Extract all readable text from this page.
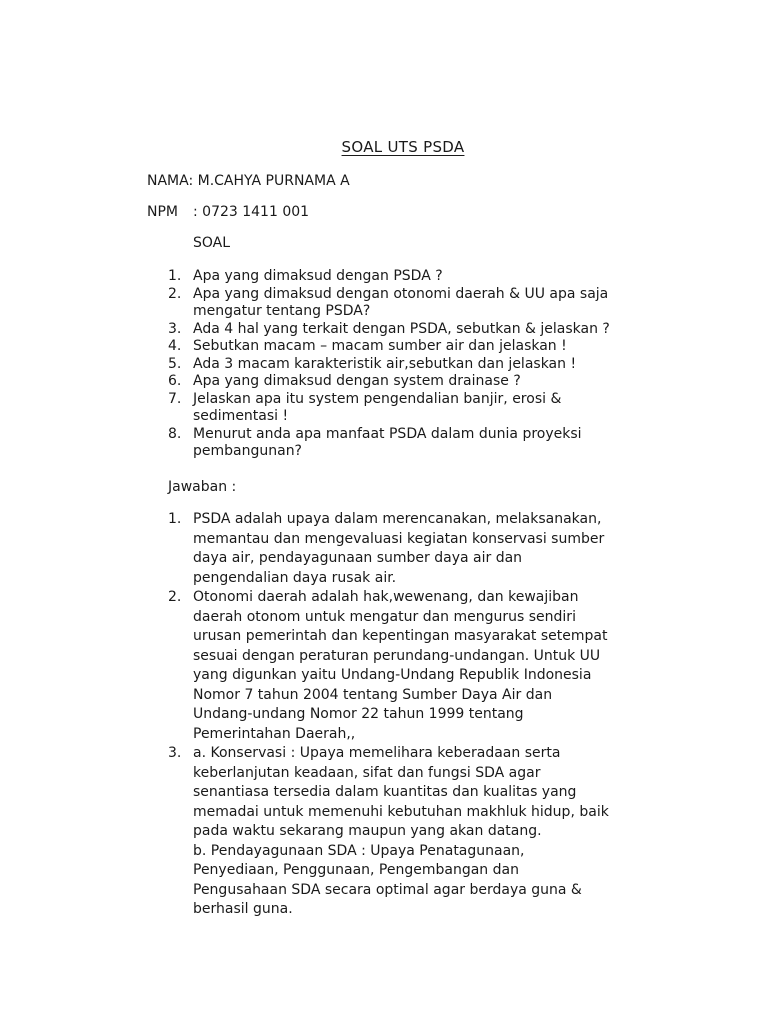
SOAL UTS PSDA
NAMA: M.CAHYA PURNAMA A
NPM : 0723 1411 001
SOAL
1. Apa yang dimaksud dengan PSDA ?
2. Apa yang dimaksud dengan otonomi daerah & UU apa saja
mengatur tentang PSDA?
3. Ada 4 hal yang terkait dengan PSDA, sebutkan & jelaskan ?
4. Sebutkan macam – macam sumber air dan jelaskan !
5. Ada 3 macam karakteristik air,sebutkan dan jelaskan !
6. Apa yang dimaksud dengan system drainase ?
7. Jelaskan apa itu system pengendalian banjir, erosi &
sedimentasi !
8. Menurut anda apa manfaat PSDA dalam dunia proyeksi
pembangunan?
Jawaban :
1. PSDA adalah upaya dalam merencanakan, melaksanakan,
memantau dan mengevaluasi kegiatan konservasi sumber
daya air, pendayagunaan sumber daya air dan
pengendalian daya rusak air.
2. Otonomi daerah adalah hak,wewenang, dan kewajiban
daerah otonom untuk mengatur dan mengurus sendiri
urusan pemerintah dan kepentingan masyarakat setempat
sesuai dengan peraturan perundang-undangan. Untuk UU
yang digunkan yaitu Undang-Undang Republik Indonesia
Nomor 7 tahun 2004 tentang Sumber Daya Air dan
Undang-undang Nomor 22 tahun 1999 tentang
Pemerintahan Daerah,,
3. a. Konservasi : Upaya memelihara keberadaan serta
keberlanjutan keadaan, sifat dan fungsi SDA agar
senantiasa tersedia dalam kuantitas dan kualitas yang
memadai untuk memenuhi kebutuhan makhluk hidup, baik
pada waktu sekarang maupun yang akan datang.
b. Pendayagunaan SDA : Upaya Penatagunaan,
Penyediaan, Penggunaan, Pengembangan dan
Pengusahaan SDA secara optimal agar berdaya guna &
berhasil guna.
